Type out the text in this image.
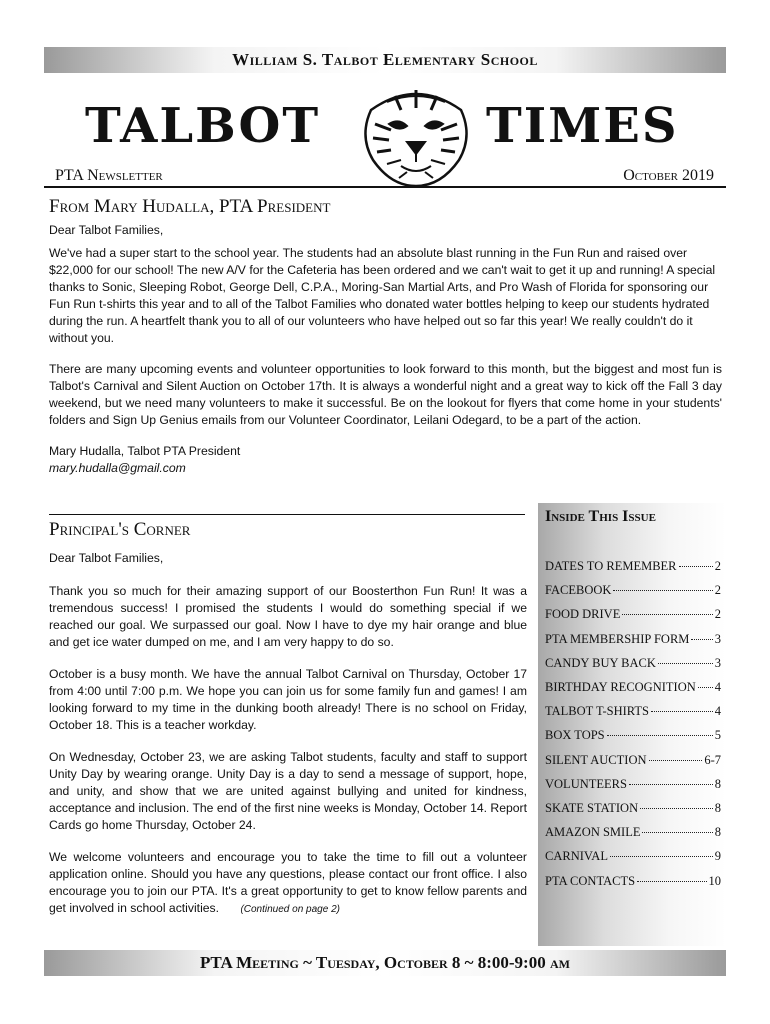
William S. Talbot Elementary School
TALBOT	TIMES
PTA Newsletter	October 2019
From Mary Hudalla, PTA President

Dear Talbot Families,

We've had a super start to the school year. The students had an absolute blast running in the Fun Run and raised over $22,000 for our school! The new A/V for the Cafeteria has been ordered and we can't wait to get it up and running! A special thanks to Sonic, Sleeping Robot, George Dell, C.P.A., Moring-San Martial Arts, and Pro Wash of Florida for sponsoring our Fun Run t-shirts this year and to all of the Talbot Families who donated water bottles helping to keep our students hydrated during the run. A heartfelt thank you to all of our volunteers who have helped out so far this year! We really couldn't do it without you.

There are many upcoming events and volunteer opportunities to look forward to this month, but the biggest and most fun is Talbot's Carnival and Silent Auction on October 17th. It is always a wonderful night and a great way to kick off the Fall 3 day weekend, but we need many volunteers to make it successful. Be on the lookout for flyers that come home in your students' folders and Sign Up Genius emails from our Volunteer Coordinator, Leilani Odegard, to be a part of the action.

Mary Hudalla, Talbot PTA President

mary.hudalla@gmail.com

Principal's Corner

Dear Talbot Families,

Thank you so much for their amazing support of our Boosterthon Fun Run! It was a tremendous success! I promised the students I would do something special if we reached our goal. We surpassed our goal. Now I have to dye my hair orange and blue and get ice water dumped on me, and I am very happy to do so.

October is a busy month. We have the annual Talbot Carnival on Thursday, October 17 from 4:00 until 7:00 p.m. We hope you can join us for some family fun and games! I am looking forward to my time in the dunking booth already! There is no school on Friday, October 18. This is a teacher workday.

On Wednesday, October 23, we are asking Talbot students, faculty and staff to support Unity Day by wearing orange. Unity Day is a day to send a message of support, hope, and unity, and show that we are united against bullying and united for kindness, acceptance and inclusion. The end of the first nine weeks is Monday, October 14. Report Cards go home Thursday, October 24.

We welcome volunteers and encourage you to take the time to fill out a volunteer application online. Should you have any questions, please contact our front office. I also encourage you to join our PTA. It's a great opportunity to get to know fellow parents and get involved in school activities. (Continued on page 2)

Inside This Issue
DATES TO REMEMBER	2
FACEBOOK	2
FOOD DRIVE	2
PTA MEMBERSHIP FORM 3
CANDY BUY BACK	3
BIRTHDAY RECOGNITION 4
TALBOT T-SHIRTS	4
BOX TOPS	5
SILENT AUCTION	6-7
VOLUNTEERS	8
SKATE STATION	8
AMAZON SMILE	8
CARNIVAL	9
PTA CONTACTS	10
PTA Meeting ~ Tuesday, October 8 ~ 8:00-9:00 am
